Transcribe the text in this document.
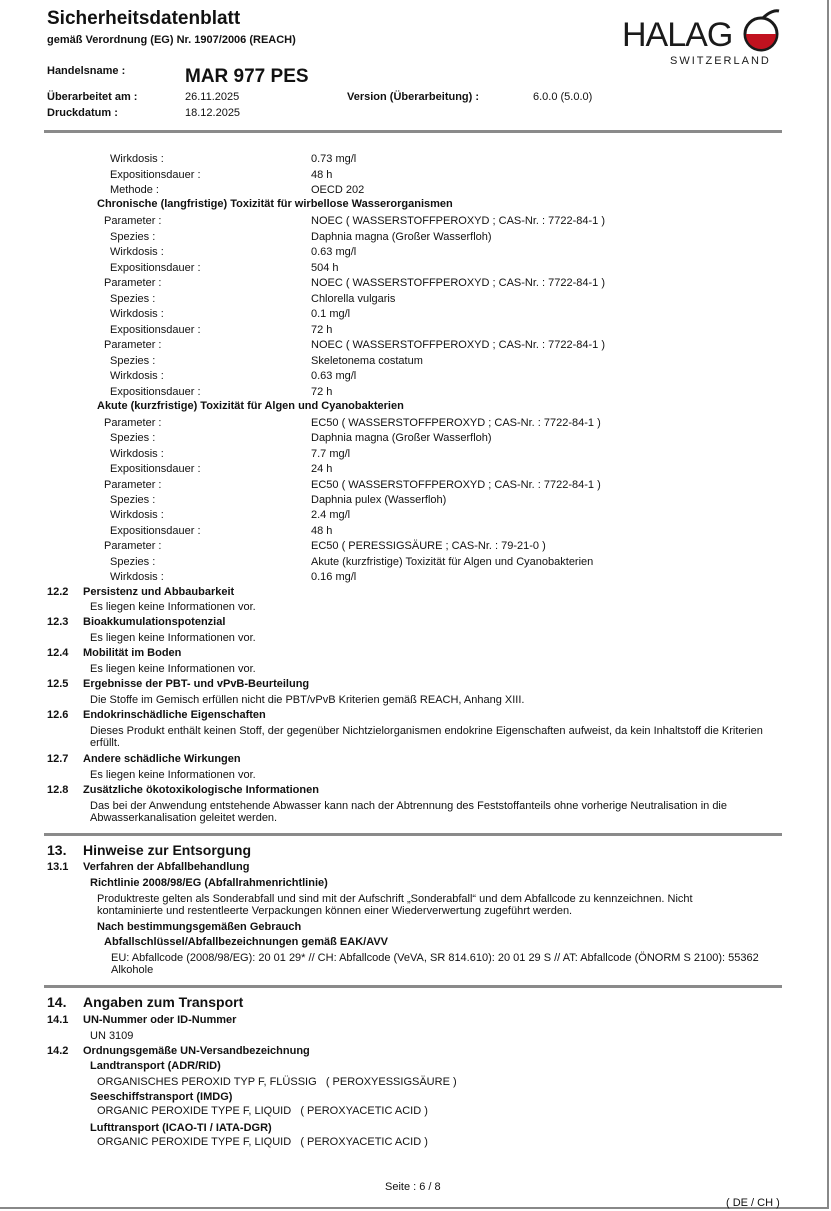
Sicherheitsdatenblatt
gemäß Verordnung (EG) Nr. 1907/2006 (REACH)	HALAG
SWITZERLAND
Handelsname :	MAR 977 PES
Überarbeitet am :	26.11.2025	Version (Überarbeitung) :	6.0.0 (5.0.0)
Druckdatum :	18.12.2025
Wirkdosis :	0.73 mg/l
Expositionsdauer :	48 h
Methode :	OECD 202
Chronische (langfristige) Toxizität für wirbellose Wasserorganismen
Parameter :	NOEC ( WASSERSTOFFPEROXYD ; CAS-Nr. : 7722-84-1 )
Spezies :	Daphnia magna (Großer Wasserfloh)
Wirkdosis :	0.63 mg/l
Expositionsdauer :	504 h
Parameter :	NOEC ( WASSERSTOFFPEROXYD ; CAS-Nr. : 7722-84-1 )
Spezies :	Chlorella vulgaris
Wirkdosis :	0.1 mg/l
Expositionsdauer :	72 h
Parameter :	NOEC ( WASSERSTOFFPEROXYD ; CAS-Nr. : 7722-84-1 )
Spezies :	Skeletonema costatum
Wirkdosis :	0.63 mg/l
Expositionsdauer :	72 h
Akute (kurzfristige) Toxizität für Algen und Cyanobakterien
Parameter :	EC50 ( WASSERSTOFFPEROXYD ; CAS-Nr. : 7722-84-1 )
Spezies :	Daphnia magna (Großer Wasserfloh)
Wirkdosis :	7.7 mg/l
Expositionsdauer :	24 h
Parameter :	EC50 ( WASSERSTOFFPEROXYD ; CAS-Nr. : 7722-84-1 )
Spezies :	Daphnia pulex (Wasserfloh)
Wirkdosis :	2.4 mg/l
Expositionsdauer :	48 h
Parameter :	EC50 ( PERESSIGSÄURE ; CAS-Nr. : 79-21-0 )
Spezies :	Akute (kurzfristige) Toxizität für Algen und Cyanobakterien
Wirkdosis :	0.16 mg/l
12.2 Persistenz und Abbaubarkeit
Es liegen keine Informationen vor.
12.3 Bioakkumulationspotenzial
Es liegen keine Informationen vor.
12.4 Mobilität im Boden
Es liegen keine Informationen vor.
12.5 Ergebnisse der PBT- und vPvB-Beurteilung
Die Stoffe im Gemisch erfüllen nicht die PBT/vPvB Kriterien gemäß REACH, Anhang XIII.
12.6 Endokrinschädliche Eigenschaften
Dieses Produkt enthält keinen Stoff, der gegenüber Nichtzielorganismen endokrine Eigenschaften aufweist, da kein Inhaltstoff die Kriterien erfüllt.
12.7 Andere schädliche Wirkungen
Es liegen keine Informationen vor.
12.8 Zusätzliche ökotoxikologische Informationen
Das bei der Anwendung entstehende Abwasser kann nach der Abtrennung des Feststoffanteils ohne vorherige Neutralisation in die Abwasserkanalisation geleitet werden.
13. Hinweise zur Entsorgung
13.1 Verfahren der Abfallbehandlung
Richtlinie 2008/98/EG (Abfallrahmenrichtlinie)
Produktreste gelten als Sonderabfall und sind mit der Aufschrift „Sonderabfall“ und dem Abfallcode zu kennzeichnen. Nicht kontaminierte und restentleerte Verpackungen können einer Wiederverwertung zugeführt werden.
Nach bestimmungsgemäßen Gebrauch
Abfallschlüssel/Abfallbezeichnungen gemäß EAK/AVV
EU: Abfallcode (2008/98/EG): 20 01 29* // CH: Abfallcode (VeVA, SR 814.610): 20 01 29 S // AT: Abfallcode (ÖNORM S 2100): 55362 Alkohole
14. Angaben zum Transport
14.1 UN-Nummer oder ID-Nummer
UN 3109
14.2 Ordnungsgemäße UN-Versandbezeichnung
Landtransport (ADR/RID)
ORGANISCHES PEROXID TYP F, FLÜSSIG   ( PEROXYESSIGSÄURE )
Seeschiffstransport (IMDG)
ORGANIC PEROXIDE TYPE F, LIQUID   ( PEROXYACETIC ACID )
Lufttransport (ICAO-TI / IATA-DGR)
ORGANIC PEROXIDE TYPE F, LIQUID   ( PEROXYACETIC ACID )
Seite : 6 / 8
( DE / CH )
